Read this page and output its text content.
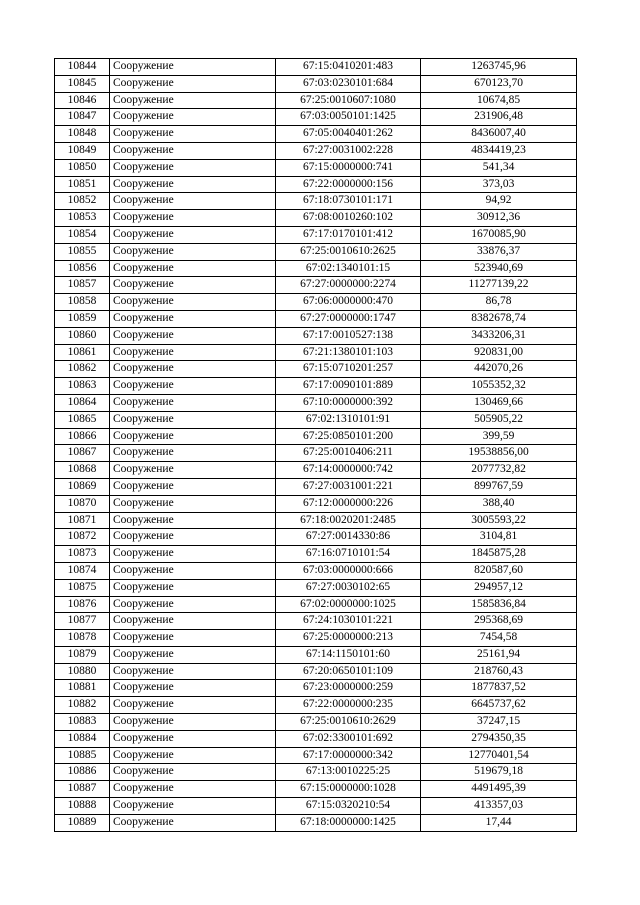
10844	Сооружение	67:15:0410201:483	1263745,96
10845	Сооружение	67:03:0230101:684	670123,70
10846	Сооружение	67:25:0010607:1080	10674,85
10847	Сооружение	67:03:0050101:1425	231906,48
10848	Сооружение	67:05:0040401:262	8436007,40
10849	Сооружение	67:27:0031002:228	4834419,23
10850	Сооружение	67:15:0000000:741	541,34
10851	Сооружение	67:22:0000000:156	373,03
10852	Сооружение	67:18:0730101:171	94,92
10853	Сооружение	67:08:0010260:102	30912,36
10854	Сооружение	67:17:0170101:412	1670085,90
10855	Сооружение	67:25:0010610:2625	33876,37
10856	Сооружение	67:02:1340101:15	523940,69
10857	Сооружение	67:27:0000000:2274	11277139,22
10858	Сооружение	67:06:0000000:470	86,78
10859	Сооружение	67:27:0000000:1747	8382678,74
10860	Сооружение	67:17:0010527:138	3433206,31
10861	Сооружение	67:21:1380101:103	920831,00
10862	Сооружение	67:15:0710201:257	442070,26
10863	Сооружение	67:17:0090101:889	1055352,32
10864	Сооружение	67:10:0000000:392	130469,66
10865	Сооружение	67:02:1310101:91	505905,22
10866	Сооружение	67:25:0850101:200	399,59
10867	Сооружение	67:25:0010406:211	19538856,00
10868	Сооружение	67:14:0000000:742	2077732,82
10869	Сооружение	67:27:0031001:221	899767,59
10870	Сооружение	67:12:0000000:226	388,40
10871	Сооружение	67:18:0020201:2485	3005593,22
10872	Сооружение	67:27:0014330:86	3104,81
10873	Сооружение	67:16:0710101:54	1845875,28
10874	Сооружение	67:03:0000000:666	820587,60
10875	Сооружение	67:27:0030102:65	294957,12
10876	Сооружение	67:02:0000000:1025	1585836,84
10877	Сооружение	67:24:1030101:221	295368,69
10878	Сооружение	67:25:0000000:213	7454,58
10879	Сооружение	67:14:1150101:60	25161,94
10880	Сооружение	67:20:0650101:109	218760,43
10881	Сооружение	67:23:0000000:259	1877837,52
10882	Сооружение	67:22:0000000:235	6645737,62
10883	Сооружение	67:25:0010610:2629	37247,15
10884	Сооружение	67:02:3300101:692	2794350,35
10885	Сооружение	67:17:0000000:342	12770401,54
10886	Сооружение	67:13:0010225:25	519679,18
10887	Сооружение	67:15:0000000:1028	4491495,39
10888	Сооружение	67:15:0320210:54	413357,03
10889	Сооружение	67:18:0000000:1425	17,44
